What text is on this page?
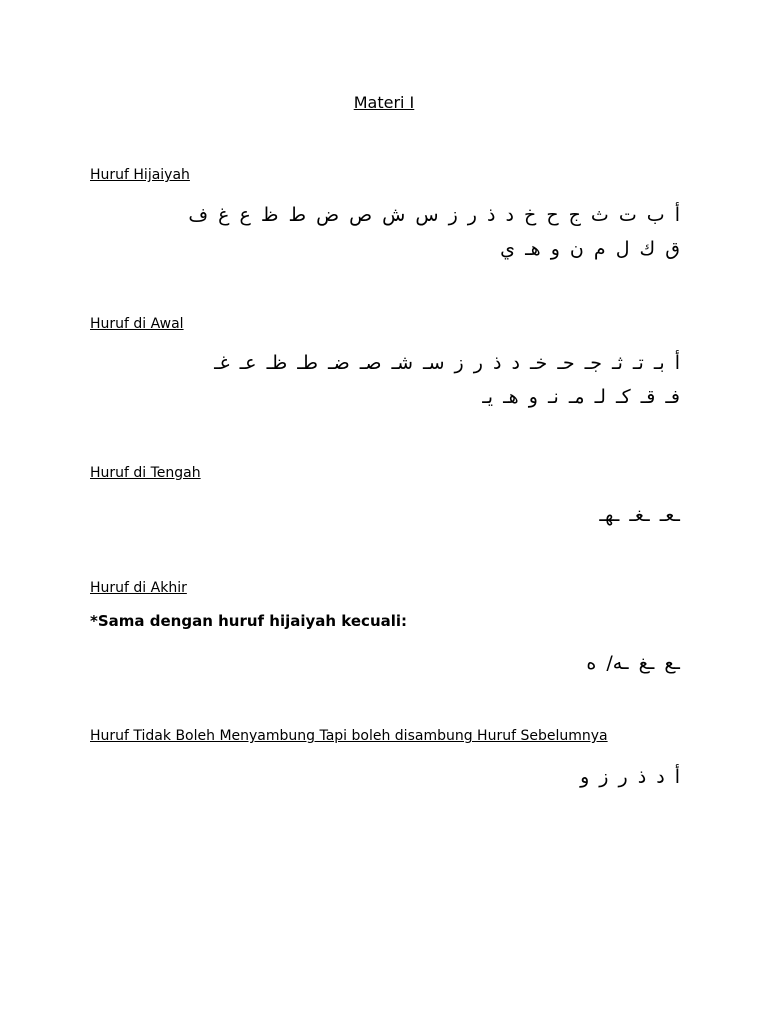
Materi I
Huruf Hijaiyah
أ ب ت ث ج ح خ د ذ ر ز س ش ص ض ط ظ ع غ ف
ق ك ل م ن و هـ ي
Huruf di Awal
أ بـ تـ ثـ جـ حـ خـ د ذ ر ز سـ شـ صـ ضـ طـ ظـ عـ غـ
فـ قـ كـ لـ مـ نـ و هـ يـ
Huruf di Tengah
ـعـ ـغـ ـهـ
Huruf di Akhir
*Sama dengan huruf hijaiyah kecuali:
ـع ـغ ـه/ ه
Huruf Tidak Boleh Menyambung Tapi boleh disambung Huruf Sebelumnya
أ د ذ ر ز و
